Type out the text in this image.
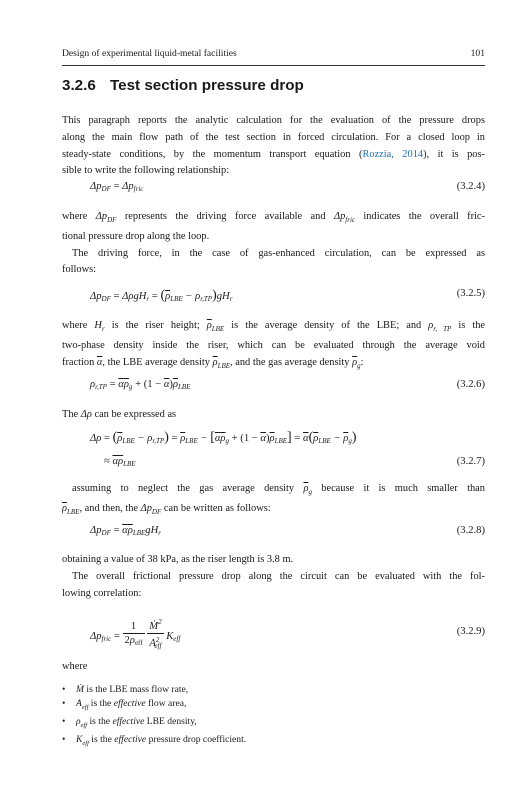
Design of experimental liquid-metal facilities	101
3.2.6 Test section pressure drop
This paragraph reports the analytic calculation for the evaluation of the pressure drops
along the main flow path of the test section in forced circulation. For a closed loop in
steady-state conditions, by the momentum transport equation (Rozzia, 2014), it is pos-
sible to write the following relationship:
$\Delta p_{DF} = \Delta p_{fric}$	(3.2.4)
where $\Delta p_{DF}$ represents the driving force available and $\Delta p_{fric}$ indicates the overall fric-
tional pressure drop along the loop.
The driving force, in the case of gas-enhanced circulation, can be expressed as
follows:
$\Delta p_{DF} = \Delta\rho gH_r = (\overline{\rho}_{LBE} - \rho_{r,TP})gH_r$	(3.2.5)
where $H_r$ is the riser height; $\overline{\rho}_{LBE}$ is the average density of the LBE; and $\rho_{r, TP}$ is the
two-phase density inside the riser, which can be evaluated through the average void
fraction $\overline{\alpha}$, the LBE average density $\overline{\rho}_{LBE}$, and the gas average density $\overline{\rho}_g$:
$\rho_{r,TP} = \overline{\alpha}\overline{\rho}_g + (1 - \overline{\alpha})\overline{\rho}_{LBE}$	(3.2.6)
The Δρ can be expressed as
$\Delta\rho = (\overline{\rho}_{LBE} - \rho_{r,TP}) = \overline{\rho}_{LBE} - [\overline{\alpha}\overline{\rho}_g + (1 - \overline{\alpha})\overline{\rho}_{LBE}] = \overline{\alpha}(\overline{\rho}_{LBE} - \overline{\rho}_g)$
≈ $\overline{\alpha}\overline{\rho}_{LBE}$	(3.2.7)
assuming to neglect the gas average density $\overline{\rho}_g$ because it is much smaller than
$\overline{\rho}_{LBE}$, and then, the $\Delta p_{DF}$ can be written as follows:
$\Delta p_{DF} = \overline{\alpha}\overline{\rho}_{LBE}gH_r$	(3.2.8)
obtaining a value of 38 kPa, as the riser length is 3.8 m.
The overall frictional pressure drop along the circuit can be evaluated with the fol-
lowing correlation:
$\Delta p_{fric} = \frac{1}{2\rho_{eff}}$
$\frac{Ṁ^2}{A^2_{eff}} K_{eff}$
(3.2.9)
where
• Ṁ is the LBE mass flow rate,
• $A_{eff}$ is the effective flow area,
• $\rho_{eff}$ is the effective LBE density,
• $K_{eff}$ is the effective pressure drop coefficient.
